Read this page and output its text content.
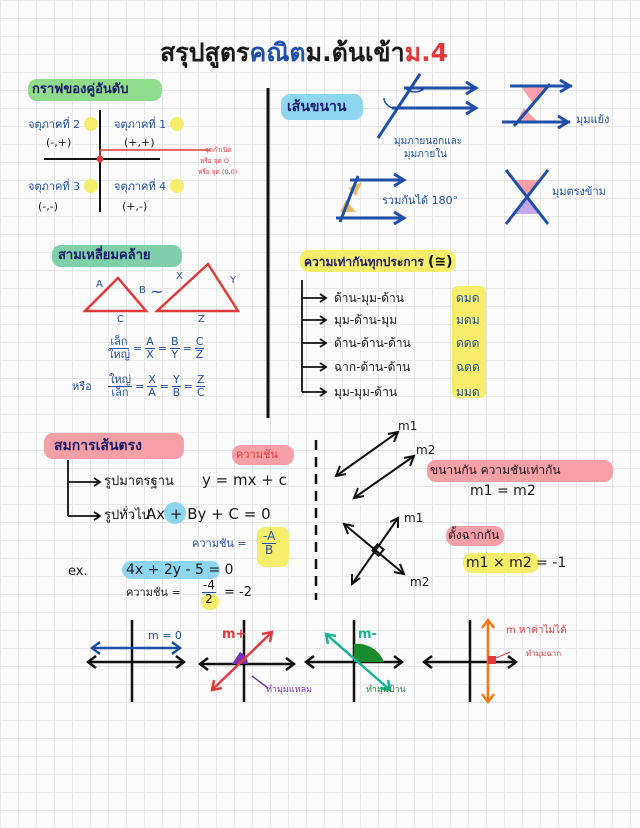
สรุปสูตรคณิตม.ต้นเข้าม.4
กราฟของคู่อันดับ
จตุภาคที่ 2
(-,+)
จตุภาคที่ 1
(+,+)
จตุภาคที่ 3
(-,-)
จตุภาคที่ 4
(+,-)
จุดกำเนิด
หรือ จุด O
หรือ จุด (0,0)
สามเหลี่ยมคล้าย
A
B
C
~
X	Y
Z
เล็ก
ใหญ่ = $\frac{A}{X} = \frac{B}{Y} = \frac{C}{Z}$
หรือ
ใหญ่
เล็ก = $\frac{X}{A} = \frac{Y}{B} = \frac{Z}{C}$
เส้นขนาน
มุมภายนอกและ
มุมภายใน
มุมแย้ง
รวมกันได้ 180°
มุมตรงข้าม
ความเท่ากันทุกประการ (≅)
ด้าน-มุม-ด้าน	ดมด
มุม-ด้าน-มุม	มดม
ด้าน-ด้าน-ด้าน	ดดด
ฉาก-ด้าน-ด้าน	ฉดด
มุม-มุม-ด้าน	มมด
สมการเส้นตรง
ความชัน
รูปมาตรฐาน y = mx + c
รูปทั่วไป
Ax + By + C = 0
ความชัน =
-A
B
ex.	4x + 2y - 5 = 0
ความชัน =
-4
2 = -2
m1
m2
ขนานกัน ความชันเท่ากัน
m1 = m2
m1
m2
ตั้งฉากกัน
m1 × m2 = -1
m = 0	m+
ทำมุมแหลม
m-
ทำมุมป้าน
m หาค่าไม่ได้
ทำมุมฉาก
